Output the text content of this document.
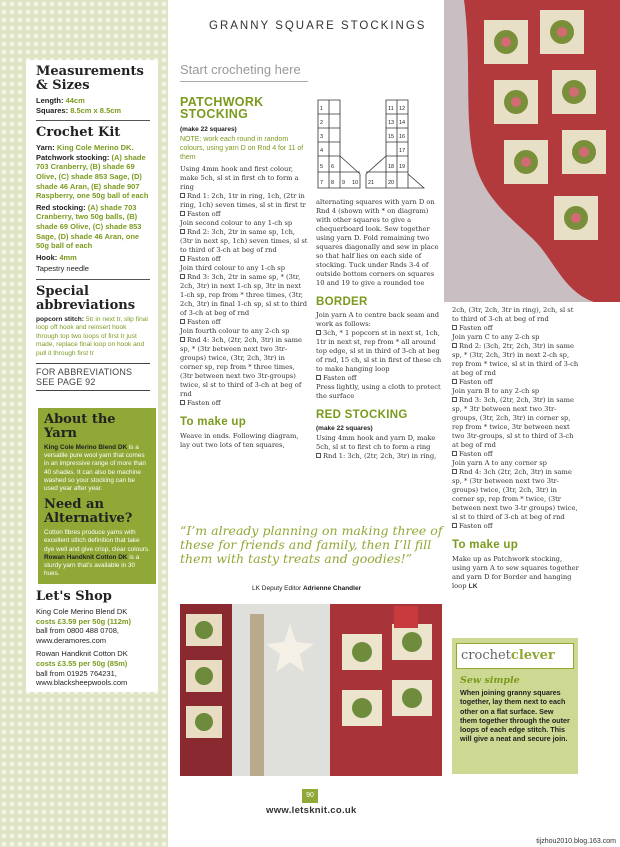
Measurements & Sizes
Length: 44cm
Squares: 8.5cm x 8.5cm
Crochet Kit
Yarn: King Cole Merino DK.
Patchwork stocking: (A) shade 703 Cranberry, (B) shade 69 Olive, (C) shade 853 Sage, (D) shade 46 Aran, (E) shade 907 Raspberry, one 50g ball of each
Red stocking: (A) shade 703 Cranberry, two 50g balls, (B) shade 69 Olive, (C) shade 853 Sage, (D) shade 46 Aran, one 50g ball of each
Hook: 4mm
Tapestry needle
Special abbreviations
popcorn stitch: 5tr in next tr, slip final loop off hook and reinsert hook through top two loops of first tr just made, replace final loop on hook and pull it through first tr
FOR ABBREVIATIONS SEE PAGE 92
About the Yarn
King Cole Merino Blend DK is a versatile pure wool yarn that comes in an impressive range of more than 40 shades. It can also be machine washed so your stocking can be used year after year.
Need an Alternative?
Cotton fibres produce yarns with excellent stitch definition that take dye well and give crisp, clear colours. Rowan Handknit Cotton DK is a sturdy yarn that's available in 30 hues.
Let's Shop
King Cole Merino Blend DK
costs £3.59 per 50g (112m)
ball from 0800 488 0708, www.deramores.com
Rowan Handknit Cotton DK
costs £3.55 per 50g (85m)
ball from 01925 764231, www.blacksheepwools.com
GRANNY SQUARE STOCKINGS
Start crocheting here
PATCHWORK STOCKING
(make 22 squares)
NOTE: work each round in random colours, using yarn D on Rnd 4 for 11 of them

Using 4mm hook and first colour, make 5ch, sl st in first ch to form a ring

Rnd 1: 2ch, 1tr in ring, 1ch, (2tr in ring, 1ch) seven times, sl st in first tr

Fasten off

Join second colour to any 1-ch sp

Rnd 2: 3ch, 2tr in same sp, 1ch, (3tr in next sp, 1ch) seven times, sl st to third of 3-ch at beg of rnd

Fasten off

Join third colour to any 1-ch sp

Rnd 3: 3ch, 2tr in same sp, * (3tr, 2ch, 3tr) in next 1-ch sp, 3tr in next 1-ch sp, rep from * three times, (3tr, 2ch, 3tr) in final 1-ch sp, sl st to third of 3-ch at beg of rnd

Fasten off

Join fourth colour to any 2-ch sp

Rnd 4: 3ch, (2tr, 2ch, 3tr) in same sp, * (3tr between next two 3tr-groups) twice, (3tr, 2ch, 3tr) in corner sp, rep from * three times, (3tr between next two 3tr-groups) twice, sl st to third of 3-ch at beg of rnd

Fasten off

To make up
Weave in ends. Following diagram, lay out two lots of ten squares,
1
2
3
4
5 6
7 8 9 10
11 12
13 14
15 16
17
18 19
20
21
alternating squares with yarn D on Rnd 4 (shown with * on diagram) with other squares to give a chequerboard look. Sew together using yarn D. Fold remaining two squares diagonally and sew in place so that half lies on each side of stocking. Tuck under Rnds 3-4 of outside bottom corners on squares 10 and 19 to give a rounded toe
BORDER

Join yarn A to centre back seam and work as follows:

3ch, * 1 popcorn st in next st, 1ch, 1tr in next st, rep from * all around top edge, sl st in third of 3-ch at beg of rnd, 15 ch, sl st in first of these ch to make hanging loop

Fasten off

Press lightly, using a cloth to protect the surface

RED STOCKING
(make 22 squares)

Using 4mm hook and yarn D, make 5ch, sl st to first ch to form a ring

Rnd 1: 3ch, (2tr, 2ch, 3tr) in ring,

2ch, (3tr, 2ch, 3tr in ring), 2ch, sl st to third of 3-ch at beg of rnd

Fasten off

Join yarn C to any 2-ch sp

Rnd 2: (3ch, 2tr, 2ch, 3tr) in same sp, * (3tr, 2ch, 3tr) in next 2-ch sp, rep from * twice, sl st in third of 3-ch at beg of rnd

Fasten off

Join yarn B to any 2-ch sp

Rnd 3: 3ch, (2tr, 2ch, 3tr) in same sp, * 3tr between next two 3tr-groups, (3tr, 2ch, 3tr) in corner sp, rep from * twice, 3tr between next two 3tr-groups, sl st to third of 3-ch at beg of rnd

Fasten off

Join yarn A to any corner sp

Rnd 4: 3ch (2tr, 2ch, 3tr) in same sp, * (3tr between next two 3tr-groups) twice, (3tr, 2ch, 3tr) in corner sp, rep from * twice, (3tr between next two 3-tr groups) twice, sl st to third of 3-ch at beg of rnd

Fasten off

To make up
Make up as Patchwork stocking, using yarn A to sew squares together and yarn D for Border and hanging loop LK
“I’m already planning on making three of these for friends and family, then I’ll fill them with tasty treats and goodies!”
LK Deputy Editor Adrienne Chandler
crochetclever
Sew simple
When joining granny squares together, lay them next to each other on a flat surface. Sew them together through the outer loops of each edge stitch. This will give a neat and secure join.
90
www.letsknit.co.uk
tijzhou2010.blog.163.com
